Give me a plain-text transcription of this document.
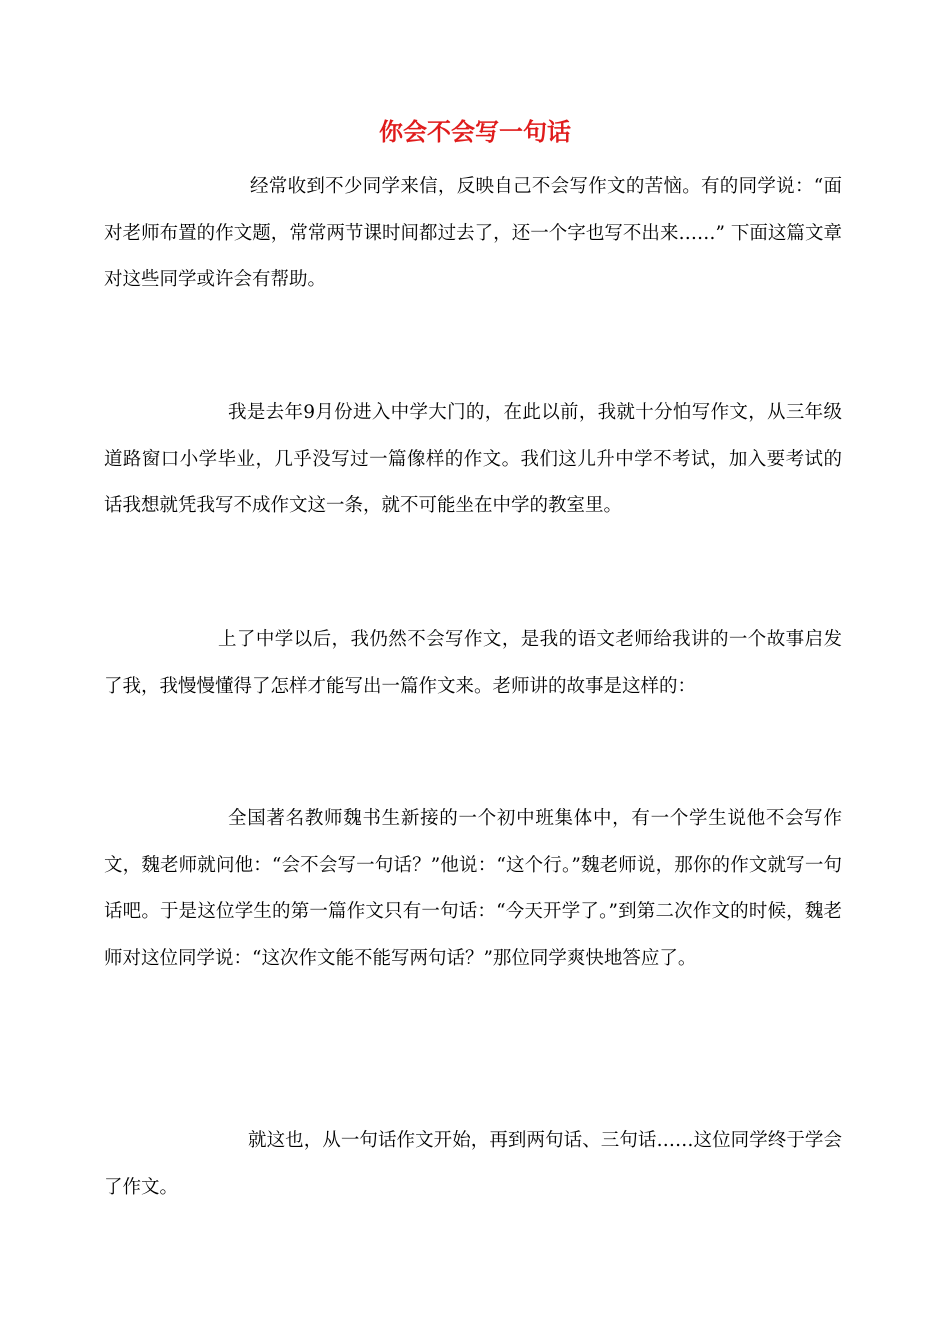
你会不会写一句话

经常收到不少同学来信，反映自己不会写作文的苦恼。有的同学说：“面对老师布置的作文题，常常两节课时间都过去了，还一个字也写不出来……” 下面这篇文章对这些同学或许会有帮助。

我是去年9月份进入中学大门的，在此以前，我就十分怕写作文，从三年级道路窗口小学毕业，几乎没写过一篇像样的作文。我们这儿升中学不考试，加入要考试的话我想就凭我写不成作文这一条，就不可能坐在中学的教室里。

上了中学以后，我仍然不会写作文，是我的语文老师给我讲的一个故事启发了我，我慢慢懂得了怎样才能写出一篇作文来。老师讲的故事是这样的：

全国著名教师魏书生新接的一个初中班集体中，有一个学生说他不会写作文，魏老师就问他：“会不会写一句话？”他说：“这个行。”魏老师说，那你的作文就写一句话吧。于是这位学生的第一篇作文只有一句话：“今天开学了。”到第二次作文的时候，魏老师对这位同学说：“这次作文能不能写两句话？”那位同学爽快地答应了。

就这也，从一句话作文开始，再到两句话、三句话……这位同学终于学会了作文。
